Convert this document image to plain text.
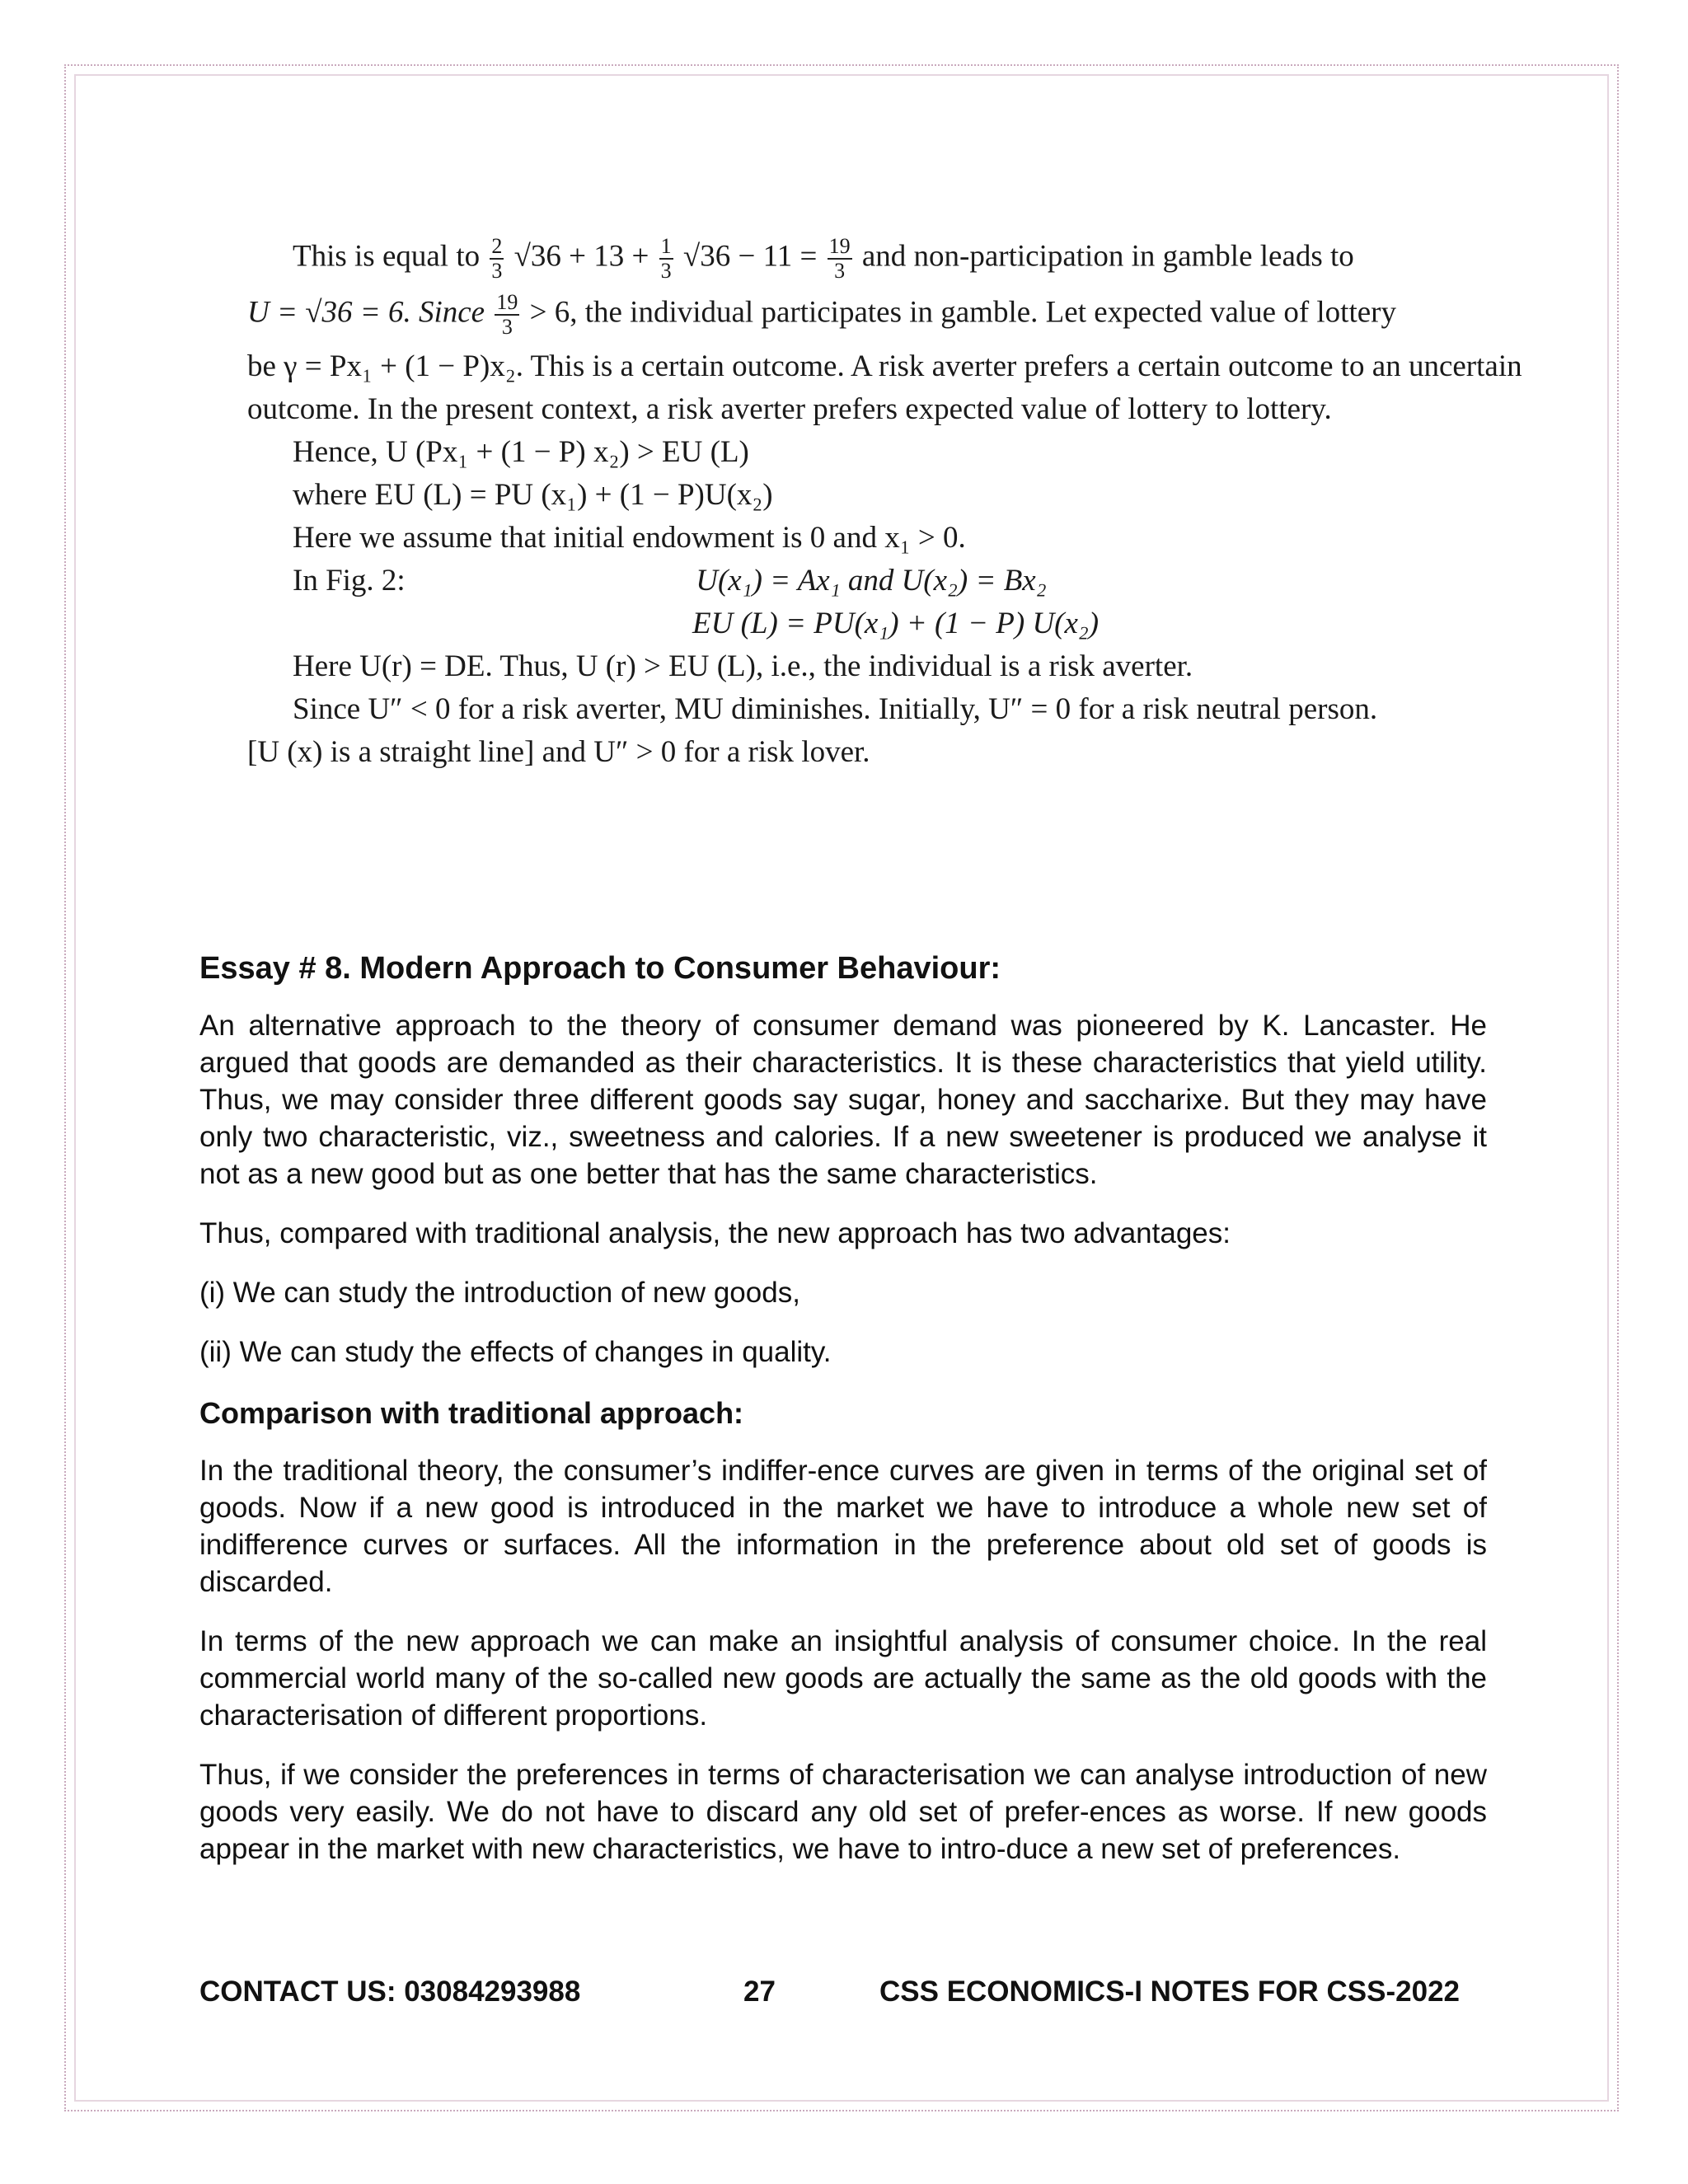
This is equal to $\frac{2}{3} √36 + 13 + \frac{1}{3} √36 - 11 = \frac{19}{3}$ and non-participation in gamble leads to

U = √36 = 6. Since $\frac{19}{3} > 6$, the individual participates in gamble. Let expected value of lottery

be γ = Px₁ + (1 − P)x₂. This is a certain outcome. A risk averter prefers a certain outcome to an uncertain outcome. In the present context, a risk averter prefers expected value of lottery to lottery.

Hence, U (Px₁ + (1 − P) x₂) > EU (L)

where EU (L) = PU (x₁) + (1 − P)U(x₂)

Here we assume that initial endowment is 0 and x₁ > 0.

In Fig. 2:	U(x₁) = Ax₁ and U(x₂) = Bx₂

EU (L) = PU(x₁) + (1 − P) U(x₂)

Here U(r) = DE. Thus, U (r) > EU (L), i.e., the individual is a risk averter.

Since U″ < 0 for a risk averter, MU diminishes. Initially, U″ = 0 for a risk neutral person.

[U (x) is a straight line] and U″ > 0 for a risk lover.

Essay # 8. Modern Approach to Consumer Behaviour:

An alternative approach to the theory of consumer demand was pioneered by K. Lancaster. He argued that goods are demanded as their characteristics. It is these characteristics that yield utility. Thus, we may consider three different goods say sugar, honey and saccharixe. But they may have only two characteristic, viz., sweetness and calories. If a new sweetener is produced we analyse it not as a new good but as one better that has the same characteristics.

Thus, compared with traditional analysis, the new approach has two advantages:

(i) We can study the introduction of new goods,

(ii) We can study the effects of changes in quality.

Comparison with traditional approach:

In the traditional theory, the consumer’s indiffer-ence curves are given in terms of the original set of goods. Now if a new good is introduced in the market we have to introduce a whole new set of indifference curves or surfaces. All the information in the preference about old set of goods is discarded.

In terms of the new approach we can make an insightful analysis of consumer choice. In the real commercial world many of the so-called new goods are actually the same as the old goods with the characterisation of different proportions.

Thus, if we consider the preferences in terms of characterisation we can analyse introduction of new goods very easily. We do not have to discard any old set of prefer-ences as worse. If new goods appear in the market with new characteristics, we have to intro-duce a new set of preferences.

CONTACT US: 03084293988	27	CSS ECONOMICS-I NOTES FOR CSS-2022
